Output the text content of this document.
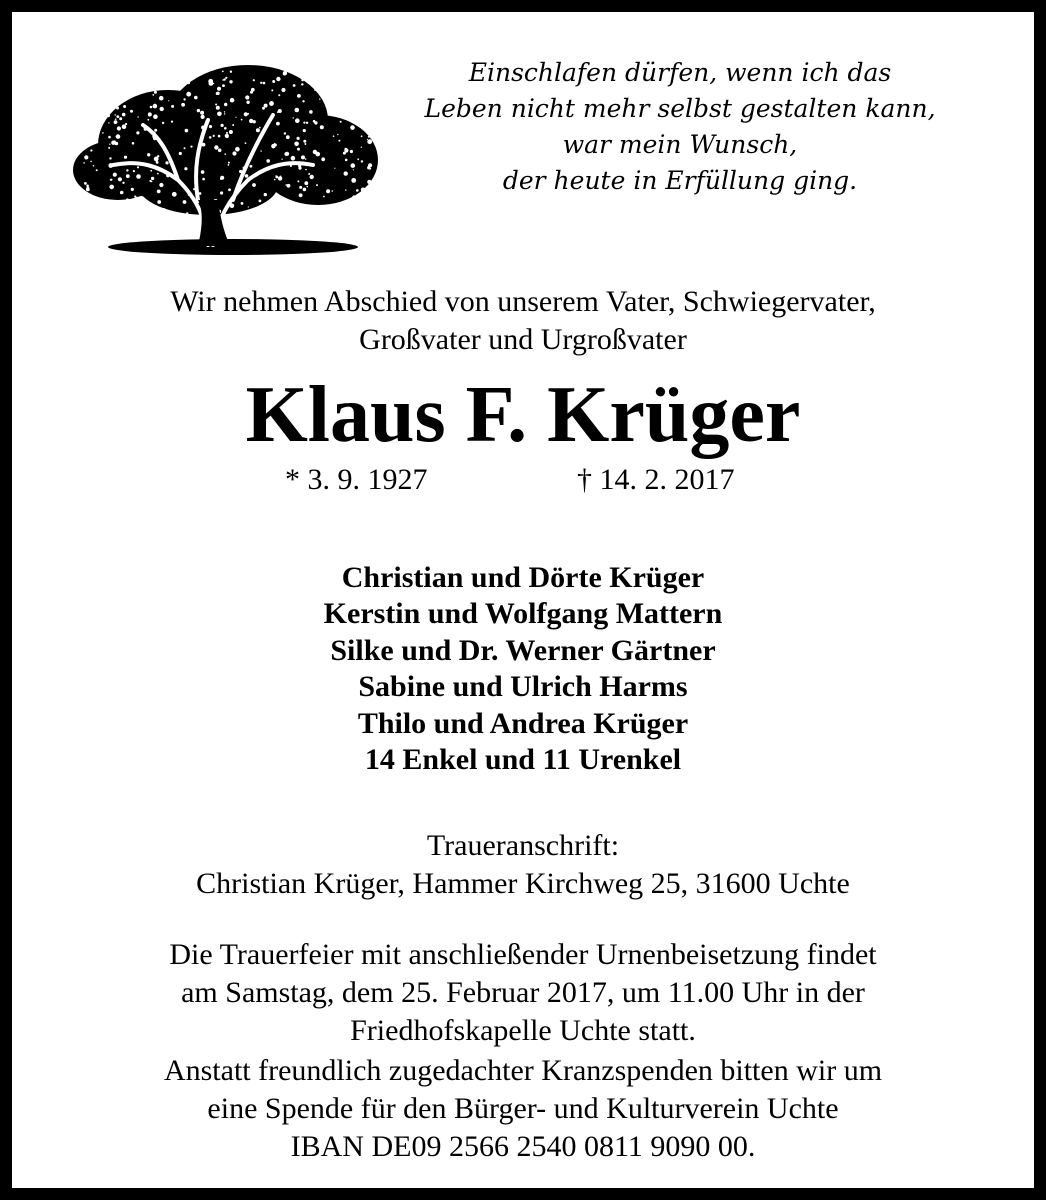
Einschlafen dürfen, wenn ich das
Leben nicht mehr selbst gestalten kann,
war mein Wunsch,
der heute in Erfüllung ging.
Wir nehmen Abschied von unserem Vater, Schwiegervater,
Großvater und Urgroßvater
Klaus F. Krüger
* 3. 9. 1927	† 14. 2. 2017
Christian und Dörte Krüger
Kerstin und Wolfgang Mattern
Silke und Dr. Werner Gärtner
Sabine und Ulrich Harms
Thilo und Andrea Krüger
14 Enkel und 11 Urenkel
Traueranschrift:
Christian Krüger, Hammer Kirchweg 25, 31600 Uchte
Die Trauerfeier mit anschließender Urnenbeisetzung findet
am Samstag, dem 25. Februar 2017, um 11.00 Uhr in der
Friedhofskapelle Uchte statt.
Anstatt freundlich zugedachter Kranzspenden bitten wir um
eine Spende für den Bürger- und Kulturverein Uchte
IBAN DE09 2566 2540 0811 9090 00.
